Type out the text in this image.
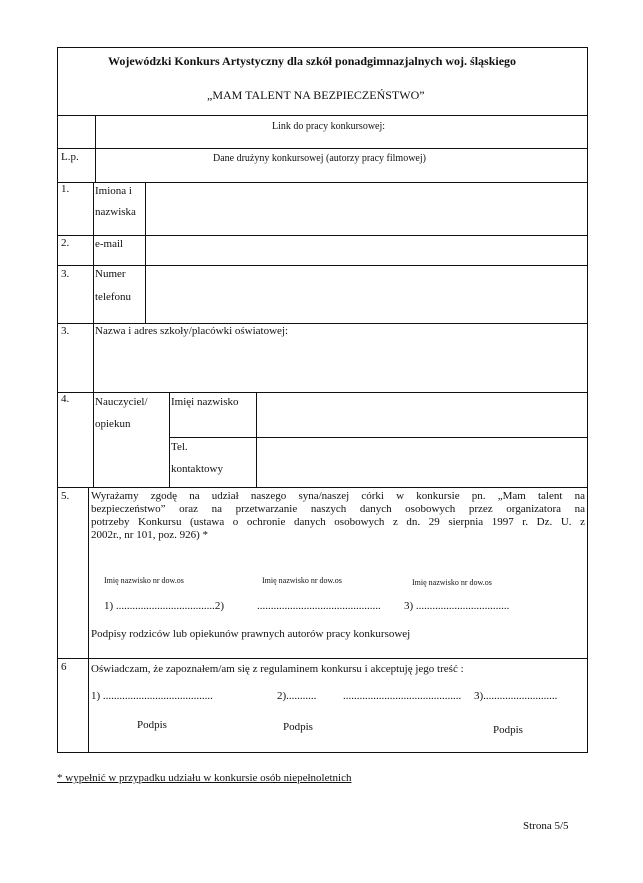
Wojewódzki Konkurs Artystyczny dla szkół ponadgimnazjalnych woj. śląskiego
„MAM TALENT NA BEZPIECZEŃSTWO”
Link do pracy konkursowej:
L.p.	Dane drużyny konkursowej (autorzy pracy filmowej)
1. Imiona i
nazwiska
2. e-mail
3. Numer
telefonu
3. Nazwa i adres szkoły/placówki oświatowej:
4. Nauczyciel/
opiekun
Imięi nazwisko
Tel.
kontaktowy
5. Wyrażamy zgodę na udział naszego syna/naszej córki w konkursie pn. „Mam talent na
bezpieczeństwo” oraz na przetwarzanie naszych danych osobowych przez organizatora na
potrzeby Konkursu (ustawa o ochronie danych osobowych z dn. 29 sierpnia 1997 r. Dz. U. z
2002r., nr 101, poz. 926) *
Imię nazwisko nr dow.os	Imię nazwisko nr dow.os	Imię nazwisko nr dow.os
1) ....................................2)	............................................. 3) ..................................
Podpisy rodziców lub opiekunów prawnych autorów pracy konkursowej
6 Oświadczam, że zapoznałem/am się z regulaminem konkursu i akceptuję jego treść :
1) ........................................	2)........... ........................................... 3)...........................
Podpis	Podpis	Podpis
* wypełnić w przypadku udziału w konkursie osób niepełnoletnich
Strona 5/5
